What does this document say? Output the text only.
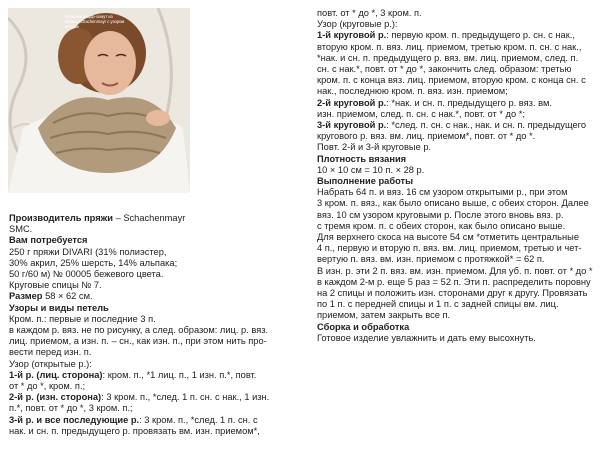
Вязаный шарф-хомут из пряжи Schachenmayr с узором косами

Производитель пряжи – Schachenmayr

SMC.

Вам потребуется

250 г пряжи DIVARI (31% полиэстер,

30% акрил, 25% шерсть, 14% альпака;

50 г/60 м) № 00005 бежевого цвета.

Круговые спицы № 7.

Размер 58 × 62 см.

Узоры и виды петель

Кром. п.: первые и последние 3 п.

в каждом р. вяз. не по рисунку, а след. образом: лиц. р. вяз.

лиц. приемом, а изн. п. – сн., как изн. п., при этом нить про-

вести перед изн. п.

Узор (открытые р.):

1-й р. (лиц. сторона): кром. п., *1 лиц. п., 1 изн. п.*, повт.

от * до *, кром. п.;

2-й р. (изн. сторона): 3 кром. п., *след. 1 п. сн. с нак., 1 изн.

п.*, повт. от * до *, 3 кром. п.;

3-й р. и все последующие р.: 3 кром. п., *след. 1 п. сн. с

нак. и сн. п. предыдущего р. провязать вм. изн. приемом*,

повт. от * до *, 3 кром. п.

Узор (круговые р.):

1-й круговой р.: первую кром. п. предыдущего р. сн. с нак.,

вторую кром. п. вяз. лиц. приемом, третью кром. п. сн. с нак.,

*нак. и сн. п. предыдущего р. вяз. вм. лиц. приемом, след. п.

сн. с нак.*, повт. от * до *, закончить след. образом: третью

кром. п. с конца вяз. лиц. приемом, вторую кром. с конца сн. с

нак., последнюю кром. п. вяз. изн. приемом;

2-й круговой р.: *нак. и сн. п. предыдущего р. вяз. вм.

изн. приемом, след. п. сн. с нак.*, повт. от * до *;

3-й круговой р.: *след. п. сн. с нак., нак. и сн. п. предыдущего

кругового р. вяз. вм. лиц. приемом*, повт. от * до *.

Повт. 2-й и 3-й круговые р.

Плотность вязания

10 × 10 см = 10 п. × 28 р.

Выполнение работы

Набрать 64 п. и вяз. 16 см узором открытыми р., при этом

3 кром. п. вяз., как было описано выше, с обеих сторон. Далее

вяз. 10 см узором круговыми р. После этого вновь вяз. р.

с тремя кром. п. с обеих сторон, как было описано выше.

Для верхнего скоса на высоте 54 см *отметить центральные

4 п., первую и вторую п. вяз. вм. лиц. приемом, третью и чет-

вертую п. вяз. вм. изн. приемом с протяжкой* = 62 п.

В изн. р. эти 2 п. вяз. вм. изн. приемом. Для уб. п. повт. от * до *

в каждом 2-м р. еще 5 раз = 52 п. Эти п. распределить поровну

на 2 спицы и положить изн. сторонами друг к другу. Провязать

по 1 п. с передней спицы и 1 п. с задней спицы вм. лиц.

приемом, затем закрыть все п.

Сборка и обработка

Готовое изделие увлажнить и дать ему высохнуть.
